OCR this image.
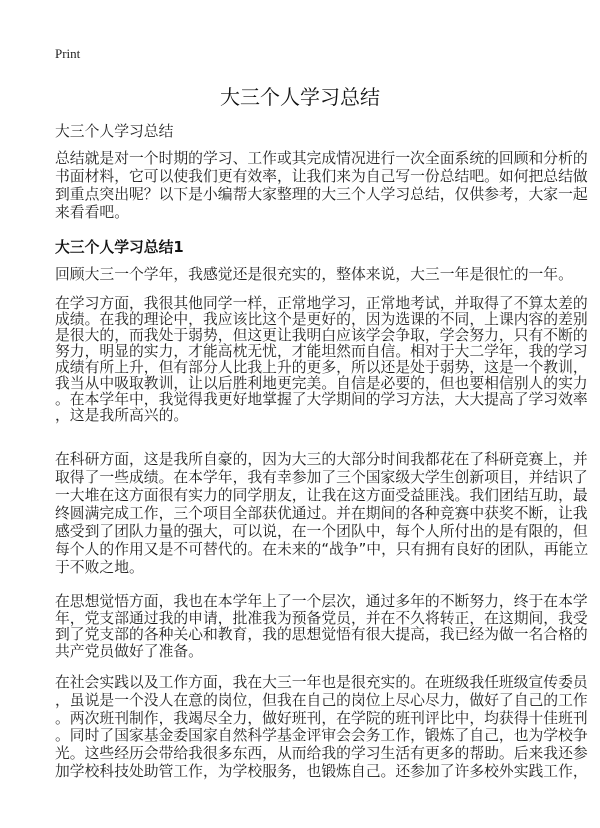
Print
大三个人学习总结
大三个人学习总结
总结就是对一个时期的学习、工作或其完成情况进行一次全面系统的回顾和分析的
书面材料，它可以使我们更有效率，让我们来为自己写一份总结吧。如何把总结做
到重点突出呢？以下是小编帮大家整理的大三个人学习总结，仅供参考，大家一起
来看看吧。
大三个人学习总结1
回顾大三一个学年，我感觉还是很充实的，整体来说，大三一年是很忙的一年。
在学习方面，我很其他同学一样，正常地学习，正常地考试，并取得了不算太差的
成绩。在我的理论中，我应该比这个是更好的，因为选课的不同，上课内容的差别
是很大的，而我处于弱势，但这更让我明白应该学会争取，学会努力，只有不断的
努力，明显的实力，才能高枕无忧，才能坦然而自信。相对于大二学年，我的学习
成绩有所上升，但有部分人比我上升的更多，所以还是处于弱势，这是一个教训，
我当从中吸取教训，让以后胜利地更完美。自信是必要的，但也要相信别人的实力
。在本学年中，我觉得我更好地掌握了大学期间的学习方法，大大提高了学习效率
，这是我所高兴的。
在科研方面，这是我所自豪的，因为大三的大部分时间我都花在了科研竞赛上，并
取得了一些成绩。在本学年，我有幸参加了三个国家级大学生创新项目，并结识了
一大堆在这方面很有实力的同学朋友，让我在这方面受益匪浅。我们团结互助，最
终圆满完成工作，三个项目全部获优通过。并在期间的各种竞赛中获奖不断，让我
感受到了团队力量的强大，可以说，在一个团队中，每个人所付出的是有限的，但
每个人的作用又是不可替代的。在未来的“战争”中，只有拥有良好的团队，再能立
于不败之地。
在思想觉悟方面，我也在本学年上了一个层次，通过多年的不断努力，终于在本学
年，党支部通过我的申请，批准我为预备党员，并在不久将转正，在这期间，我受
到了党支部的各种关心和教育，我的思想觉悟有很大提高，我已经为做一名合格的
共产党员做好了准备。
在社会实践以及工作方面，我在大三一年也是很充实的。在班级我任班级宣传委员
，虽说是一个没人在意的岗位，但我在自己的岗位上尽心尽力，做好了自己的工作
。两次班刊制作，我竭尽全力，做好班刊，在学院的班刊评比中，均获得十佳班刊
。同时了国家基金委国家自然科学基金评审会会务工作，锻炼了自己，也为学校争
光。这些经历会带给我很多东西，从而给我的学习生活有更多的帮助。后来我还参
加学校科技处助管工作，为学校服务，也锻炼自己。还参加了许多校外实践工作，
